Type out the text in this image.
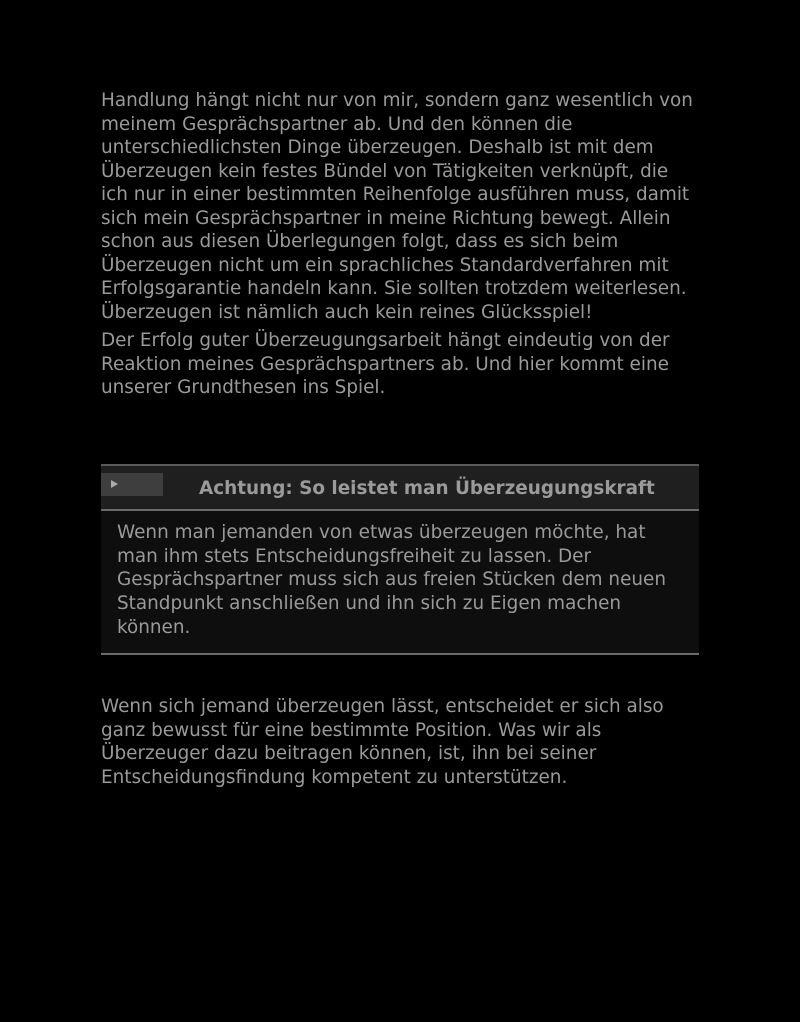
Handlung hängt nicht nur von mir, sondern ganz wesentlich von meinem Gesprächspartner ab. Und den können die unterschiedlichsten Dinge überzeugen. Deshalb ist mit dem Überzeugen kein festes Bündel von Tätigkeiten verknüpft, die ich nur in einer bestimmten Reihenfolge ausführen muss, damit sich mein Gesprächspartner in meine Richtung bewegt. Allein schon aus diesen Überlegungen folgt, dass es sich beim Überzeugen nicht um ein sprachliches Standardverfahren mit Erfolgsgarantie handeln kann. Sie sollten trotzdem weiterlesen. Überzeugen ist nämlich auch kein reines Glücksspiel!

Der Erfolg guter Überzeugungsarbeit hängt eindeutig von der Reaktion meines Gesprächspartners ab. Und hier kommt eine unserer Grundthesen ins Spiel.

Achtung: So leistet man Überzeugungskraft

Wenn man jemanden von etwas überzeugen möchte, hat man ihm stets Entscheidungsfreiheit zu lassen. Der Gesprächspartner muss sich aus freien Stücken dem neuen Standpunkt anschließen und ihn sich zu Eigen machen können.

Wenn sich jemand überzeugen lässt, entscheidet er sich also ganz bewusst für eine bestimmte Position. Was wir als Überzeuger dazu beitragen können, ist, ihn bei seiner Entscheidungsfindung kompetent zu unterstützen.
